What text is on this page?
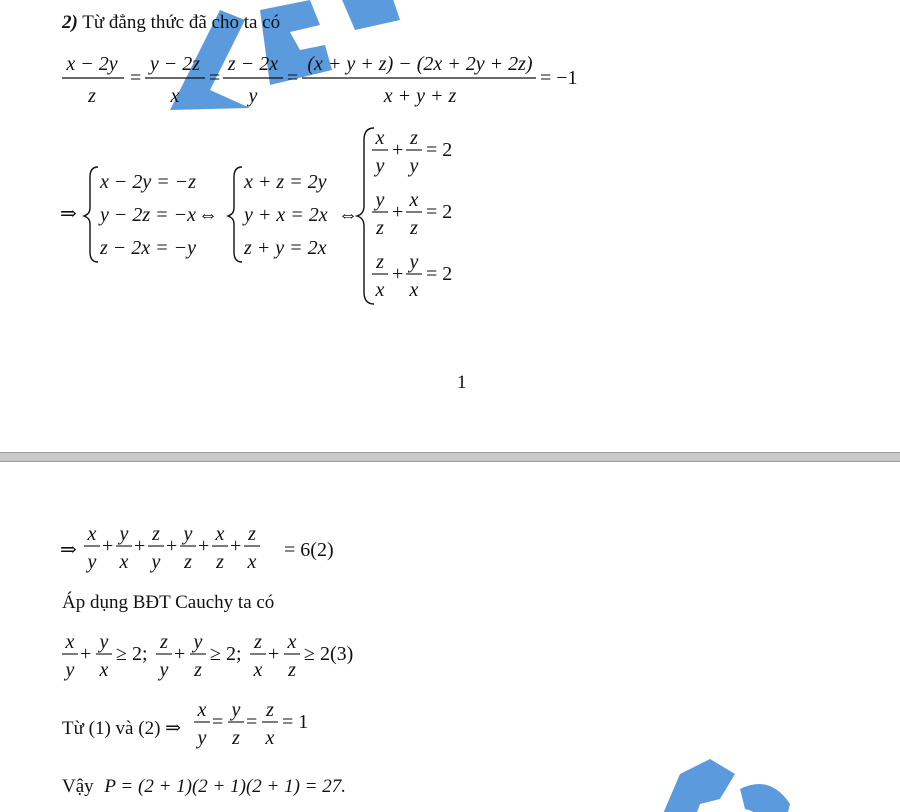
2) Từ đẳng thức đã cho ta có
x − 2y
z
=
y − 2z
x
=
z − 2x
y
=
(x + y + z) − (2x + 2y + 2z)
x + y + z
= −1
⇒
x − 2y = −z
y − 2z = −x
z − 2x = −y
⇔
x + z = 2y
y + x = 2x
z + y = 2x
⇔
x
y
+
z
y
= 2
y
z
+
x
z
= 2
z
x
+
y
x
= 2
1
⇒
x
y
+
y
x
+
z
y
+
y
z
+
x
z
+
z
x
= 6(2)
Áp dụng BĐT Cauchy ta có
x
y
+
y
x
≥ 2;
z
y
+
y
z
≥ 2;
z
x
+
x
z
≥ 2(3)
Từ (1) và (2) ⇒
x
y
=
y
z
=
z
x
= 1
Vậy P = (2 + 1)(2 + 1)(2 + 1) = 27.
